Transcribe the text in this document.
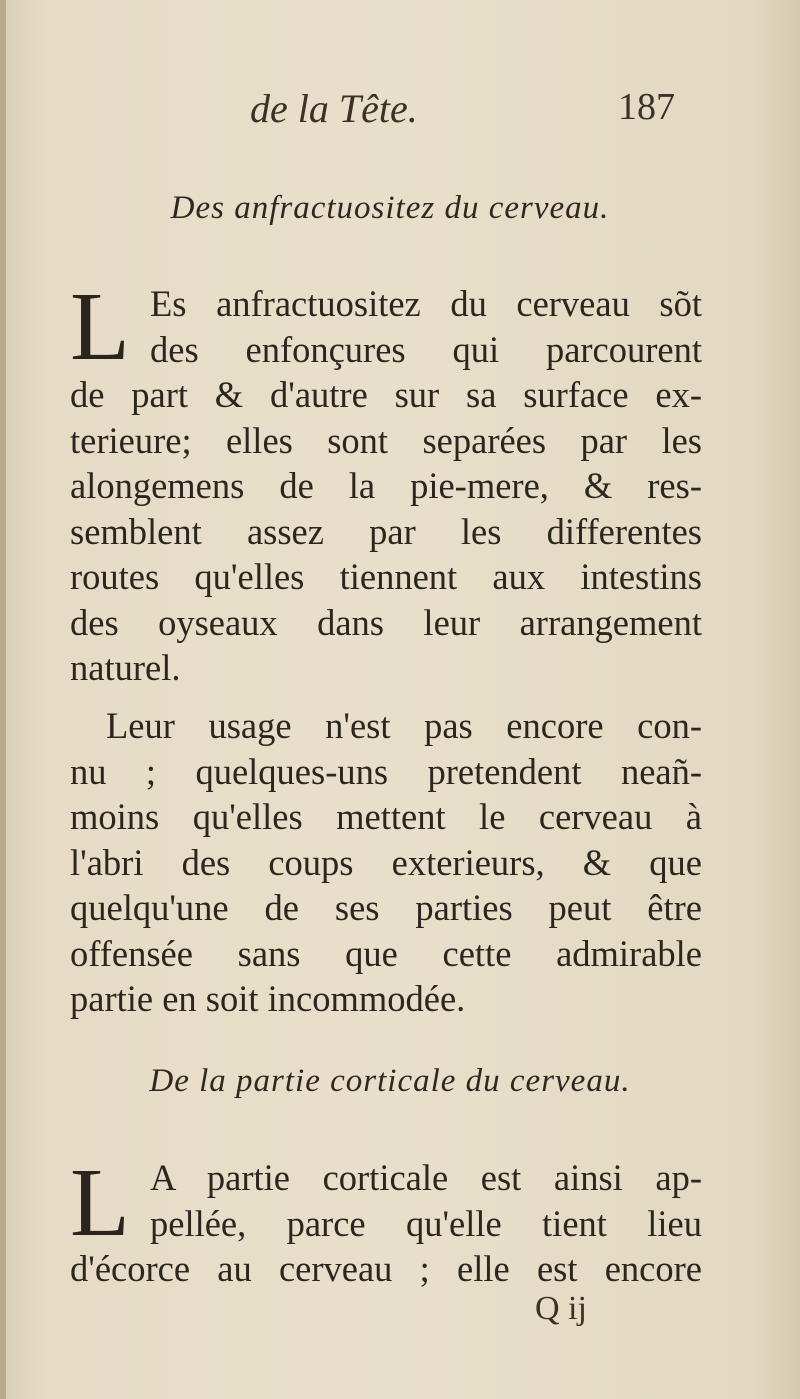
de la Tête.	187
Des anfractuositez du cerveau.
L Es anfractuositez du cerveau sõt
des enfonçures qui parcourent
de part & d'autre sur sa surface ex-
terieure; elles sont separées par les
alongemens de la pie-mere, & res-
semblent assez par les differentes
routes qu'elles tiennent aux intestins
des oyseaux dans leur arrangement
naturel.
Leur usage n'est pas encore con-
nu ; quelques-uns pretendent neañ-
moins qu'elles mettent le cerveau à
l'abri des coups exterieurs, & que
quelqu'une de ses parties peut être
offensée sans que cette admirable
partie en soit incommodée.
De la partie corticale du cerveau.
L A partie corticale est ainsi ap-
pellée, parce qu'elle tient lieu
d'écorce au cerveau ; elle est encore
Q ij
